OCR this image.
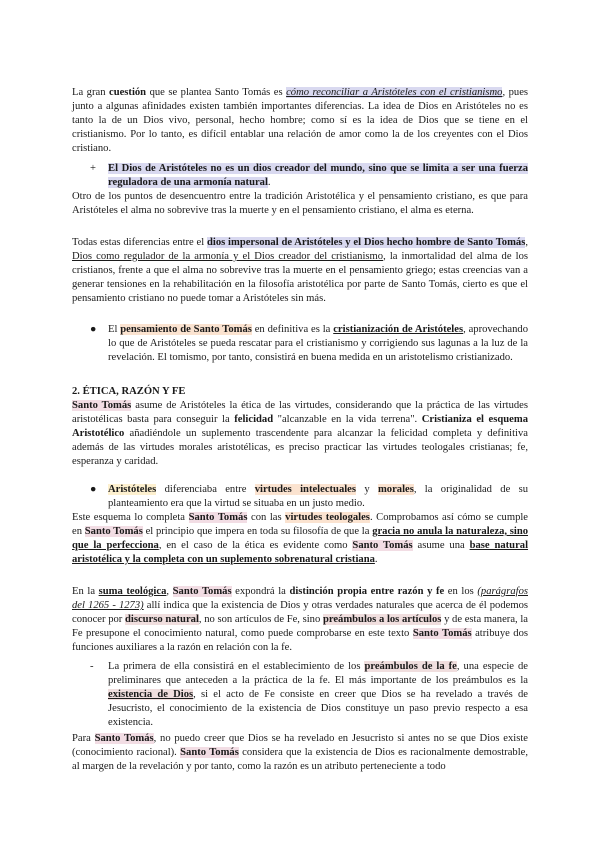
La gran cuestión que se plantea Santo Tomás es cómo reconciliar a Aristóteles con el cristianismo, pues junto a algunas afinidades existen también importantes diferencias. La idea de Dios en Aristóteles no es tanto la de un Dios vivo, personal, hecho hombre; como sí es la idea de Dios que se tiene en el cristianismo. Por lo tanto, es difícil entablar una relación de amor como la de los creyentes con el Dios cristiano.

+ El Dios de Aristóteles no es un dios creador del mundo, sino que se limita a ser una fuerza reguladora de una armonía natural.

Otro de los puntos de desencuentro entre la tradición Aristotélica y el pensamiento cristiano, es que para Aristóteles el alma no sobrevive tras la muerte y en el pensamiento cristiano, el alma es eterna.

Todas estas diferencias entre el dios impersonal de Aristóteles y el Dios hecho hombre de Santo Tomás, Dios como regulador de la armonía y el Dios creador del cristianismo, la inmortalidad del alma de los cristianos, frente a que el alma no sobrevive tras la muerte en el pensamiento griego; estas creencias van a generar tensiones en la rehabilitación en la filosofía aristotélica por parte de Santo Tomás, cierto es que el pensamiento cristiano no puede tomar a Aristóteles sin más.

● El pensamiento de Santo Tomás en definitiva es la cristianización de Aristóteles, aprovechando lo que de Aristóteles se pueda rescatar para el cristianismo y corrigiendo sus lagunas a la luz de la revelación. El tomismo, por tanto, consistirá en buena medida en un aristotelismo cristianizado.

2. ÉTICA, RAZÓN Y FE

Santo Tomás asume de Aristóteles la ética de las virtudes, considerando que la práctica de las virtudes aristotélicas basta para conseguir la felicidad "alcanzable en la vida terrena". Cristianiza el esquema Aristotélico añadiéndole un suplemento trascendente para alcanzar la felicidad completa y definitiva además de las virtudes morales aristotélicas, es preciso practicar las virtudes teologales cristianas; fe, esperanza y caridad.

● Aristóteles diferenciaba entre virtudes intelectuales y morales, la originalidad de su planteamiento era que la virtud se situaba en un justo medio.

Este esquema lo completa Santo Tomás con las virtudes teologales. Comprobamos así cómo se cumple en Santo Tomás el principio que impera en toda su filosofía de que la gracia no anula la naturaleza, sino que la perfecciona, en el caso de la ética es evidente como Santo Tomás asume una base natural aristotélica y la completa con un suplemento sobrenatural cristiana.

En la suma teológica, Santo Tomás expondrá la distinción propia entre razón y fe en los (parágrafos del 1265 - 1273) allí indica que la existencia de Dios y otras verdades naturales que acerca de él podemos conocer por discurso natural, no son artículos de Fe, sino preámbulos a los artículos y de esta manera, la Fe presupone el conocimiento natural, como puede comprobarse en este texto Santo Tomás atribuye dos funciones auxiliares a la razón en relación con la fe.

- La primera de ella consistirá en el establecimiento de los preámbulos de la fe, una especie de preliminares que anteceden a la práctica de la fe. El más importante de los preámbulos es la existencia de Dios, si el acto de Fe consiste en creer que Dios se ha revelado a través de Jesucristo, el conocimiento de la existencia de Dios constituye un paso previo respecto a esa existencia.

Para Santo Tomás, no puedo creer que Dios se ha revelado en Jesucristo si antes no se que Dios existe (conocimiento racional). Santo Tomás considera que la existencia de Dios es racionalmente demostrable, al margen de la revelación y por tanto, como la razón es un atributo perteneciente a todo
